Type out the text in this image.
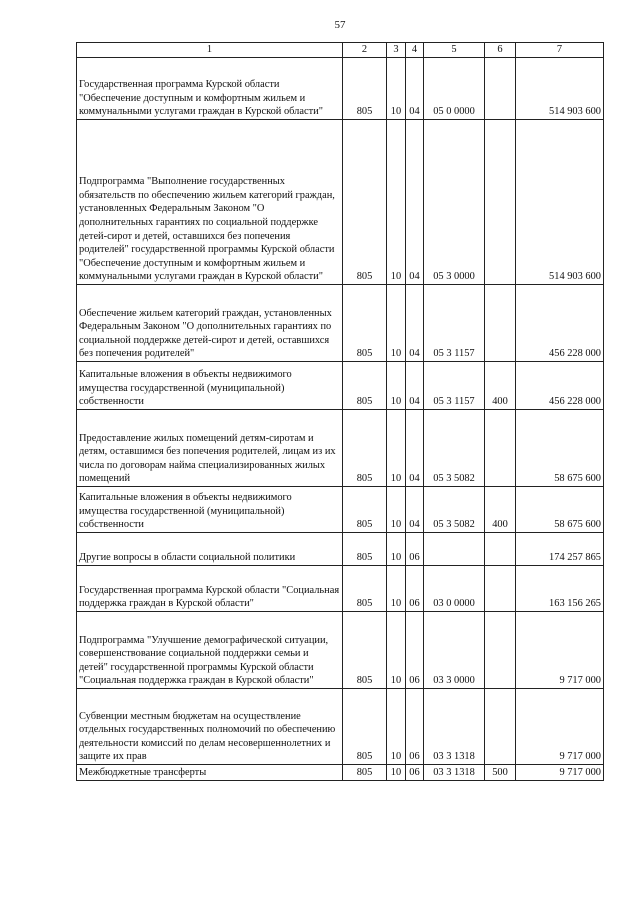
57
1	2	3	4	5	6	7
Государственная программа Курской области "Обеспечение доступным и комфортным жильем и коммунальными услугами граждан в Курской области"	805	10	04	05 0 0000		514 903 600
Подпрограмма "Выполнение государственных обязательств по обеспечению жильем категорий граждан, установленных Федеральным Законом "О дополнительных гарантиях по социальной поддержке детей-сирот и детей, оставшихся без попечения родителей" государственной программы Курской области "Обеспечение доступным и комфортным жильем и коммунальными услугами граждан в Курской области"	805	10	04	05 3 0000		514 903 600
Обеспечение жильем категорий граждан, установленных Федеральным Законом "О дополнительных гарантиях по социальной поддержке детей-сирот и детей, оставшихся без попечения родителей"	805	10	04	05 3 1157		456 228 000
Капитальные вложения в объекты недвижимого имущества государственной (муниципальной) собственности	805	10	04	05 3 1157	400	456 228 000
Предоставление жилых помещений детям-сиротам и детям, оставшимся без попечения родителей, лицам из их числа по договорам найма специализированных жилых помещений	805	10	04	05 3 5082		58 675 600
Капитальные вложения в объекты недвижимого имущества государственной (муниципальной) собственности	805	10	04	05 3 5082	400	58 675 600
Другие вопросы в области социальной политики	805	10	06			174 257 865
Государственная программа Курской области "Социальная поддержка граждан в Курской области"	805	10	06	03 0 0000		163 156 265
Подпрограмма "Улучшение демографической ситуации, совершенствование социальной поддержки семьи и детей" государственной программы Курской области "Социальная поддержка граждан в Курской области"	805	10	06	03 3 0000		9 717 000
Субвенции местным бюджетам на осуществление отдельных государственных полномочий по обеспечению деятельности комиссий по делам несовершеннолетних и защите их прав	805	10	06	03 3 1318		9 717 000
Межбюджетные трансферты	805	10	06	03 3 1318	500	9 717 000
